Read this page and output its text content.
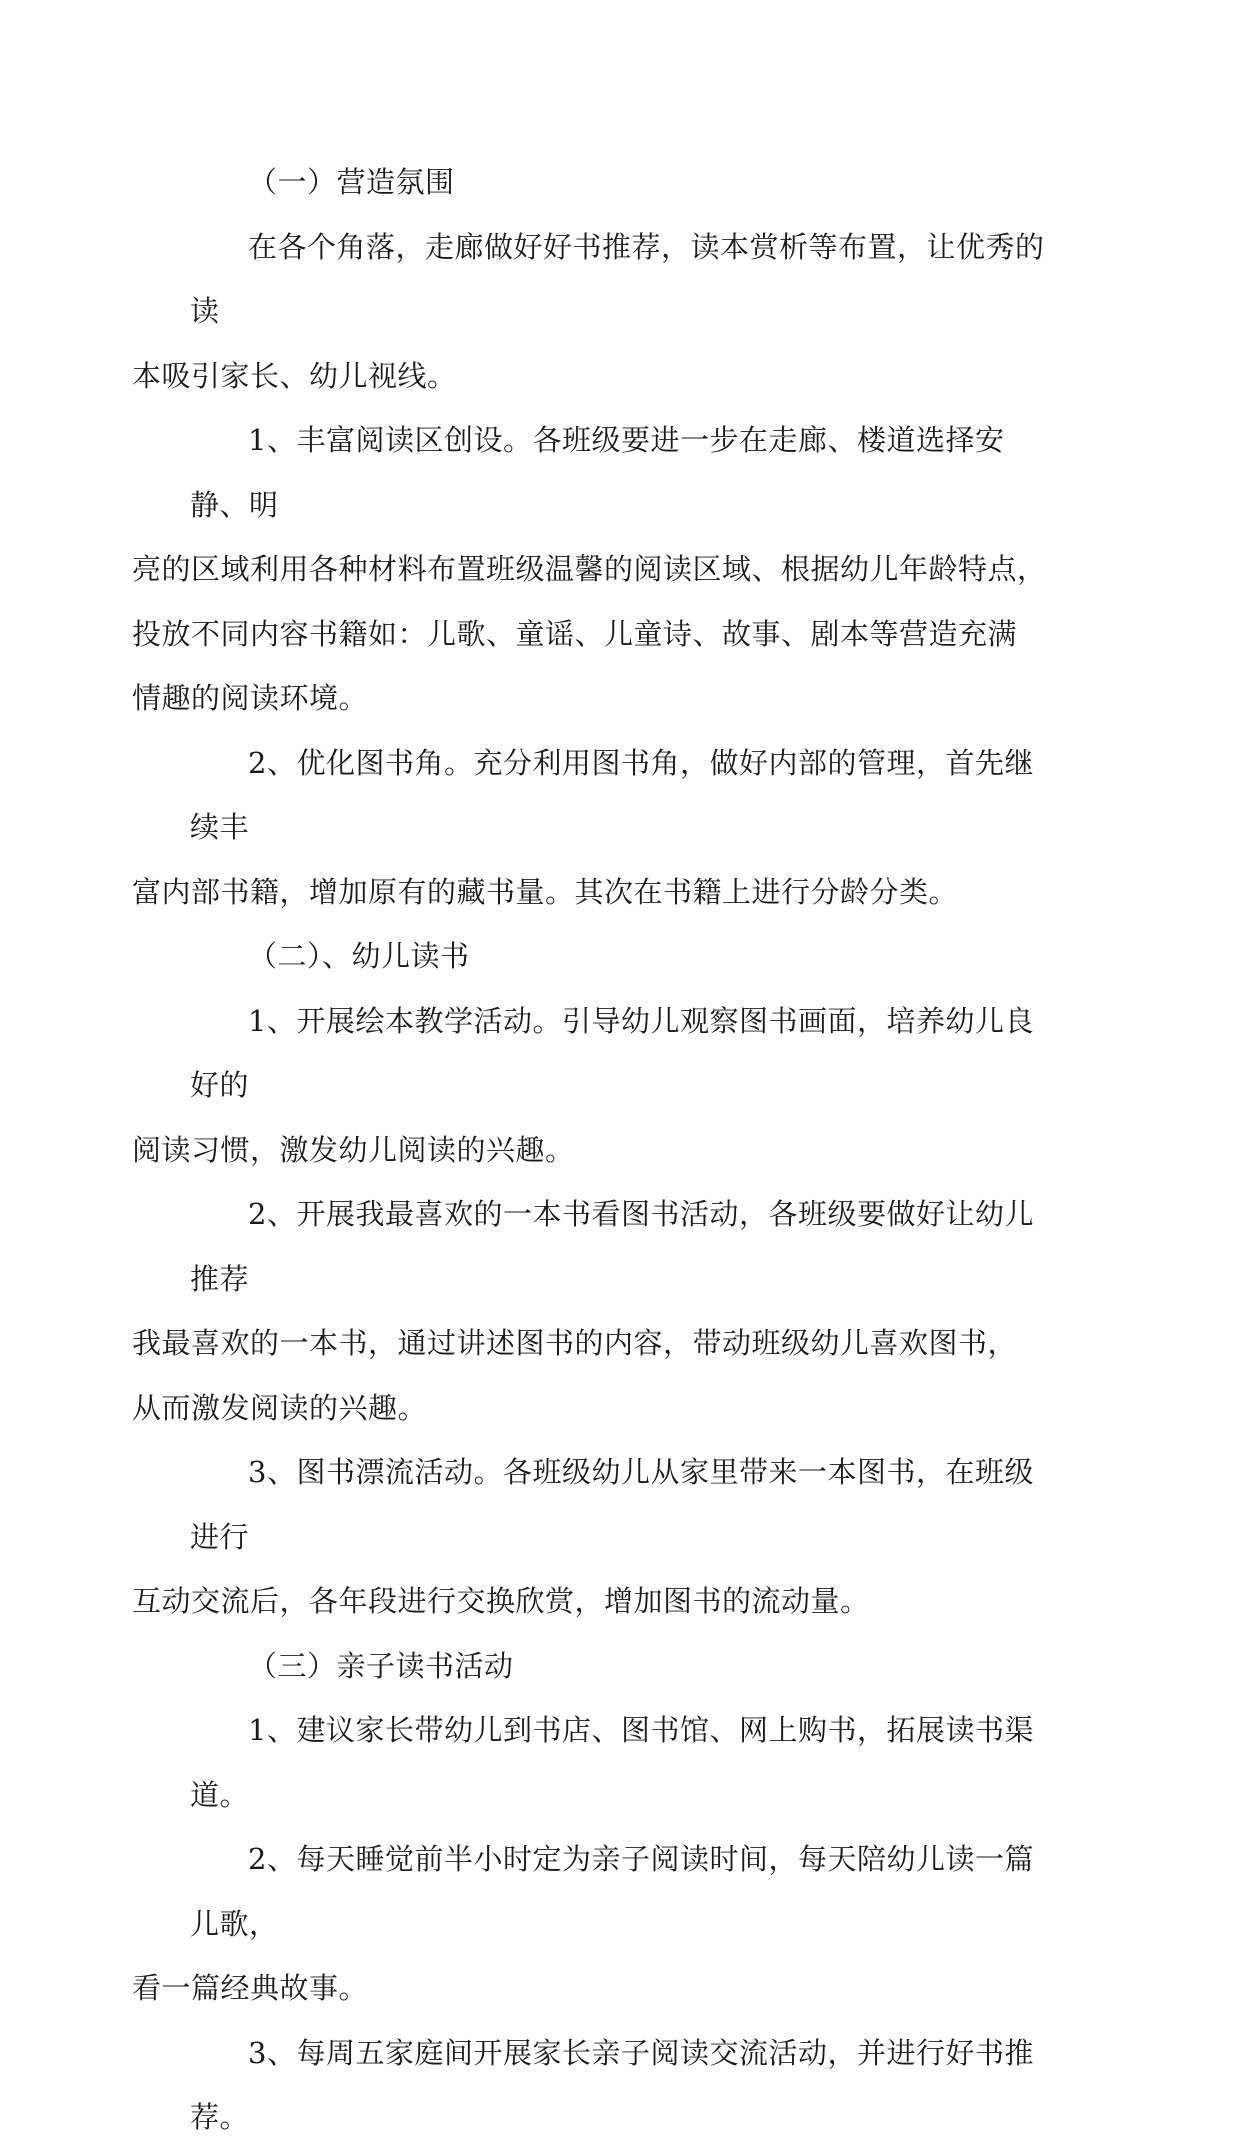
（一）营造氛围
在各个角落，走廊做好好书推荐，读本赏析等布置，让优秀的读
本吸引家长、幼儿视线。
1、丰富阅读区创设。各班级要进一步在走廊、楼道选择安静、明
亮的区域利用各种材料布置班级温馨的阅读区域、根据幼儿年龄特点，
投放不同内容书籍如：儿歌、童谣、儿童诗、故事、剧本等营造充满
情趣的阅读环境。
2、优化图书角。充分利用图书角，做好内部的管理，首先继续丰
富内部书籍，增加原有的藏书量。其次在书籍上进行分龄分类。
（二）、幼儿读书
1、开展绘本教学活动。引导幼儿观察图书画面，培养幼儿良好的
阅读习惯，激发幼儿阅读的兴趣。
2、开展我最喜欢的一本书看图书活动，各班级要做好让幼儿推荐
我最喜欢的一本书，通过讲述图书的内容，带动班级幼儿喜欢图书，
从而激发阅读的兴趣。
3、图书漂流活动。各班级幼儿从家里带来一本图书，在班级进行
互动交流后，各年段进行交换欣赏，增加图书的流动量。
（三）亲子读书活动
1、建议家长带幼儿到书店、图书馆、网上购书，拓展读书渠道。
2、每天睡觉前半小时定为亲子阅读时间，每天陪幼儿读一篇儿歌，
看一篇经典故事。
3、每周五家庭间开展家长亲子阅读交流活动，并进行好书推荐。
